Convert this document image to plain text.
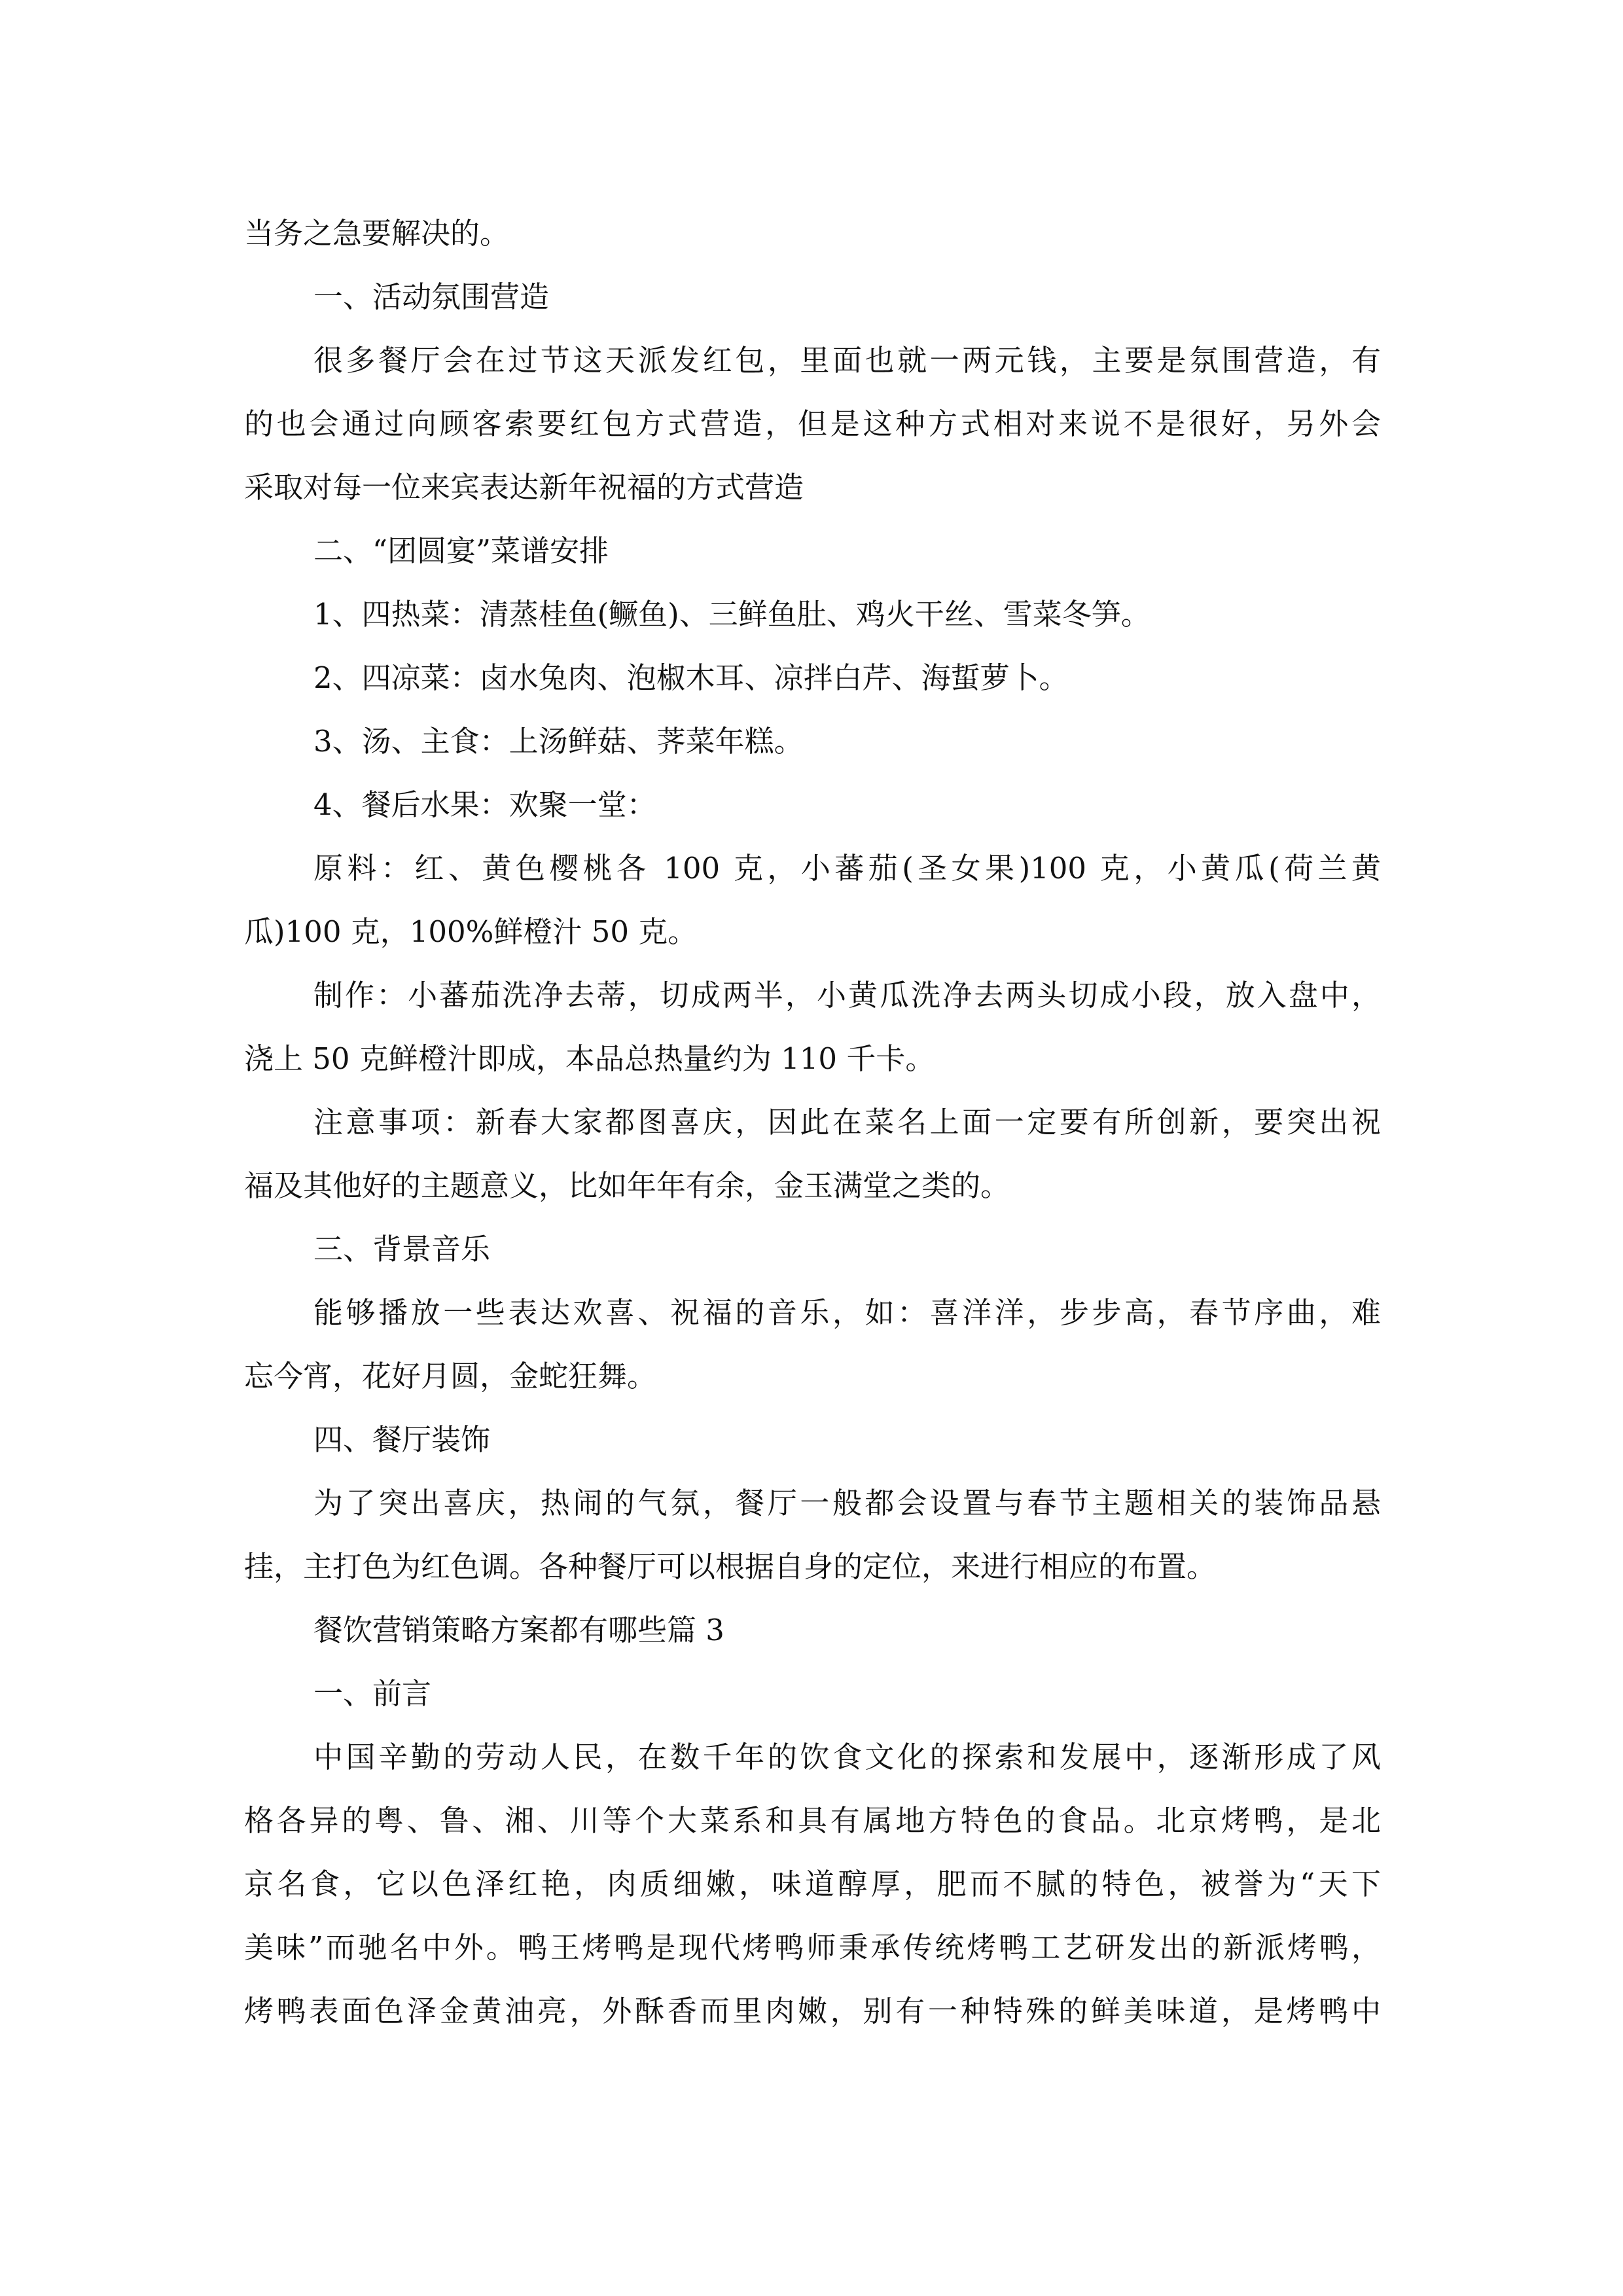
当务之急要解决的。
一、活动氛围营造
很多餐厅会在过节这天派发红包，里面也就一两元钱，主要是氛围营造，有
的也会通过向顾客索要红包方式营造，但是这种方式相对来说不是很好，另外会
采取对每一位来宾表达新年祝福的方式营造
二、“团圆宴”菜谱安排
1、四热菜：清蒸桂鱼(鳜鱼)、三鲜鱼肚、鸡火干丝、雪菜冬笋。
2、四凉菜：卤水兔肉、泡椒木耳、凉拌白芹、海蜇萝卜。
3、汤、主食：上汤鲜菇、荠菜年糕。
4、餐后水果：欢聚一堂：
原料：红、黄色樱桃各 100 克，小蕃茄(圣女果)100 克，小黄瓜(荷兰黄
瓜)100 克，100%鲜橙汁 50 克。
制作：小蕃茄洗净去蒂，切成两半，小黄瓜洗净去两头切成小段，放入盘中，
浇上 50 克鲜橙汁即成，本品总热量约为 110 千卡。
注意事项：新春大家都图喜庆，因此在菜名上面一定要有所创新，要突出祝
福及其他好的主题意义，比如年年有余，金玉满堂之类的。
三、背景音乐
能够播放一些表达欢喜、祝福的音乐，如：喜洋洋，步步高，春节序曲，难
忘今宵，花好月圆，金蛇狂舞。
四、餐厅装饰
为了突出喜庆，热闹的气氛，餐厅一般都会设置与春节主题相关的装饰品悬
挂，主打色为红色调。各种餐厅可以根据自身的定位，来进行相应的布置。
餐饮营销策略方案都有哪些篇 3
一、前言
中国辛勤的劳动人民，在数千年的饮食文化的探索和发展中，逐渐形成了风
格各异的粤、鲁、湘、川等个大菜系和具有属地方特色的食品。北京烤鸭，是北
京名食，它以色泽红艳，肉质细嫩，味道醇厚，肥而不腻的特色，被誉为“天下
美味”而驰名中外。鸭王烤鸭是现代烤鸭师秉承传统烤鸭工艺研发出的新派烤鸭，
烤鸭表面色泽金黄油亮，外酥香而里肉嫩，别有一种特殊的鲜美味道，是烤鸭中
